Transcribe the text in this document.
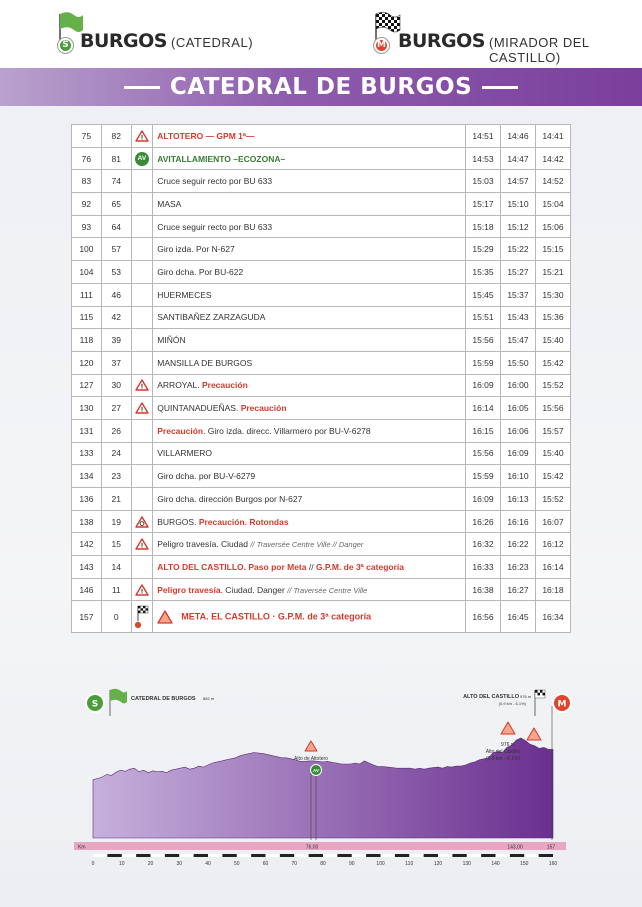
S BURGOS (CATEDRAL)	M BURGOS (MIRADOR DEL CASTILLO)
CATEDRAL DE BURGOS
75	82	!	ALTOTERO — GPM 1ª—	14:51	14:46	14:41
76	81	AV	AVITALLAMIENTO –ECOZONA–	14:53	14:47	14:42
83	74		Cruce seguir recto por BU 633	15:03	14:57	14:52
92	65		MASA	15:17	15:10	15:04
93	64		Cruce seguir recto por BU 633	15:18	15:12	15:06
100	57		Giro izda. Por N-627	15:29	15:22	15:15
104	53		Giro dcha. Por BU-622	15:35	15:27	15:21
111	46		HUERMECES	15:45	15:37	15:30
115	42		SANTIBAÑEZ ZARZAGUDA	15:51	15:43	15:36
118	39		MIÑÓN	15:56	15:47	15:40
120	37		MANSILLA DE BURGOS	15:59	15:50	15:42
127	30	!	ARROYAL. Precaución	16:09	16:00	15:52
130	27	!	QUINTANADUEÑAS. Precaución	16:14	16:05	15:56
131	26		Precaución. Giro izda. direcc. Villarmero por BU-V-6278	16:15	16:06	15:57
133	24		VILLARMERO	15:56	16:09	15:40
134	23		Giro dcha. por BU-V-6279	15:59	16:10	15:42
136	21		Giro dcha. dirección Burgos por N-627	16:09	16:13	15:52
138	19		BURGOS. Precaución. Rotondas	16:26	16:16	16:07
142	15	!	Peligro travesía. Ciudad // Traversée Centre Ville // Danger	16:32	16:22	16:12
143	14		ALTO DEL CASTILLO. Paso por Meta // G.P.M. de 3ª categoría	16:33	16:23	16:14
146	11	!	Peligro travesía. Ciudad. Danger // Traversée Centre Ville	16:38	16:27	16:18
157	0		META. EL CASTILLO · G.P.M. de 3ª categoría	16:56	16:45	16:34
Km	76,00	143,00	157
0	10	20	30	40	50	60	70	80	90	100	110	120	130	140	150	160
S
CATEDRAL DE BURGOS 882 m
M
ALTO DEL CASTILLO 976 m
(0,9 km - 6,1%)
Alto de Altotero
976 m
Alto del Castillo
(0,9 km - 6,1%)
AV
